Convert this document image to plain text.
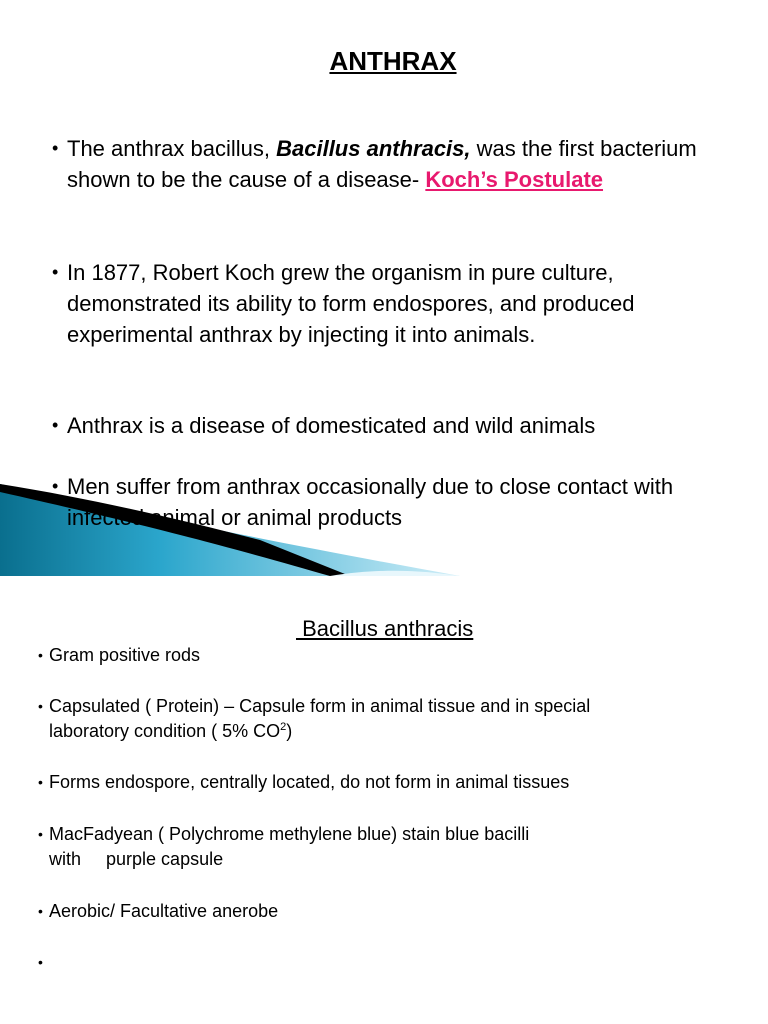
ANTHRAX
• The anthrax bacillus, Bacillus anthracis, was the first bacterium shown to be the cause of a disease- Koch’s Postulate
• In 1877, Robert Koch grew the organism in pure culture, demonstrated its ability to form endospores, and produced experimental anthrax by injecting it into animals.
• Anthrax is a disease of domesticated and wild animals
• Men suffer from anthrax occasionally due to close contact with infected animal or animal products
Bacillus anthracis
• Gram positive rods
• Capsulated ( Protein) – Capsule form in animal tissue and in special
laboratory condition ( 5% $CO^2$)
• Forms endospore, centrally located, do not form in animal tissues
• MacFadyean ( Polychrome methylene blue) stain blue bacilli
with     purple capsule
• Aerobic/ Facultative anerobe
•
